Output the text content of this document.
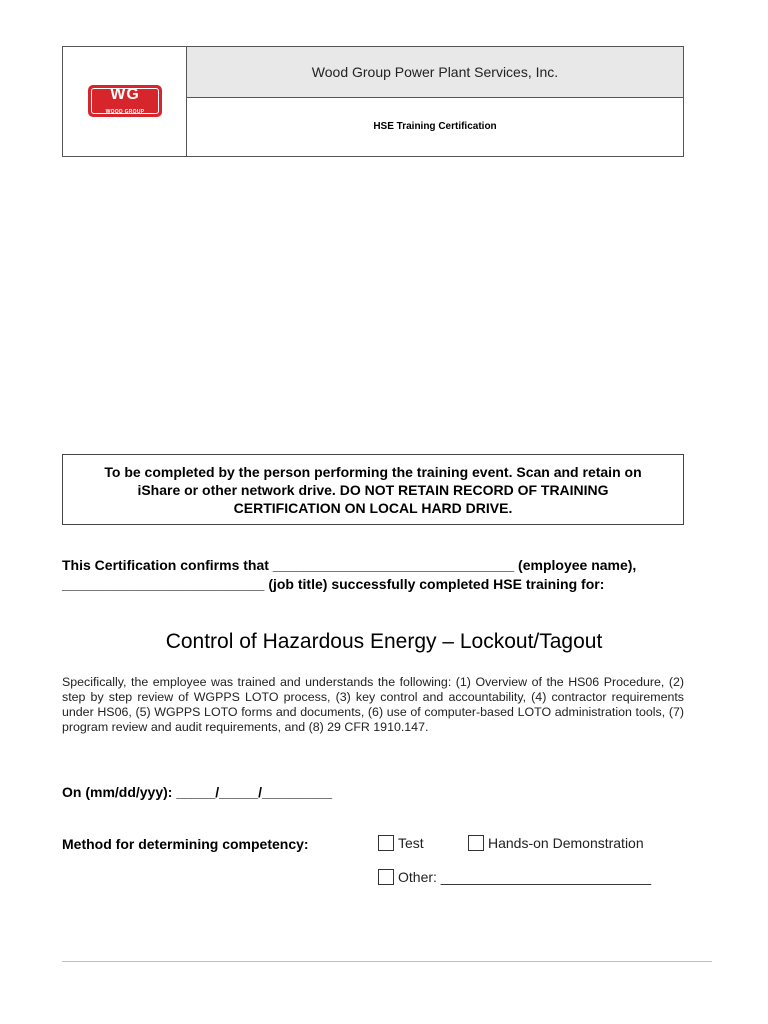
WG
WOOD GROUP
Wood Group Power Plant Services, Inc.
HSE Training Certification
To be completed by the person performing the training event. Scan and retain on
iShare or other network drive. DO NOT RETAIN RECORD OF TRAINING
CERTIFICATION ON LOCAL HARD DRIVE.
This Certification confirms that _______________________________ (employee name),
__________________________ (job title) successfully completed HSE training for:
Control of Hazardous Energy – Lockout/Tagout
Specifically, the employee was trained and understands the following: (1) Overview of the HS06 Procedure, (2) step by step review of WGPPS LOTO process, (3) key control and accountability, (4) contractor requirements under HS06, (5) WGPPS LOTO forms and documents, (6) use of computer-based LOTO administration tools, (7) program review and audit requirements, and (8) 29 CFR 1910.147.
On (mm/dd/yyy): _____/_____/_________
Method for determining competency:	Test	Hands-on Demonstration
Other: ___________________________
